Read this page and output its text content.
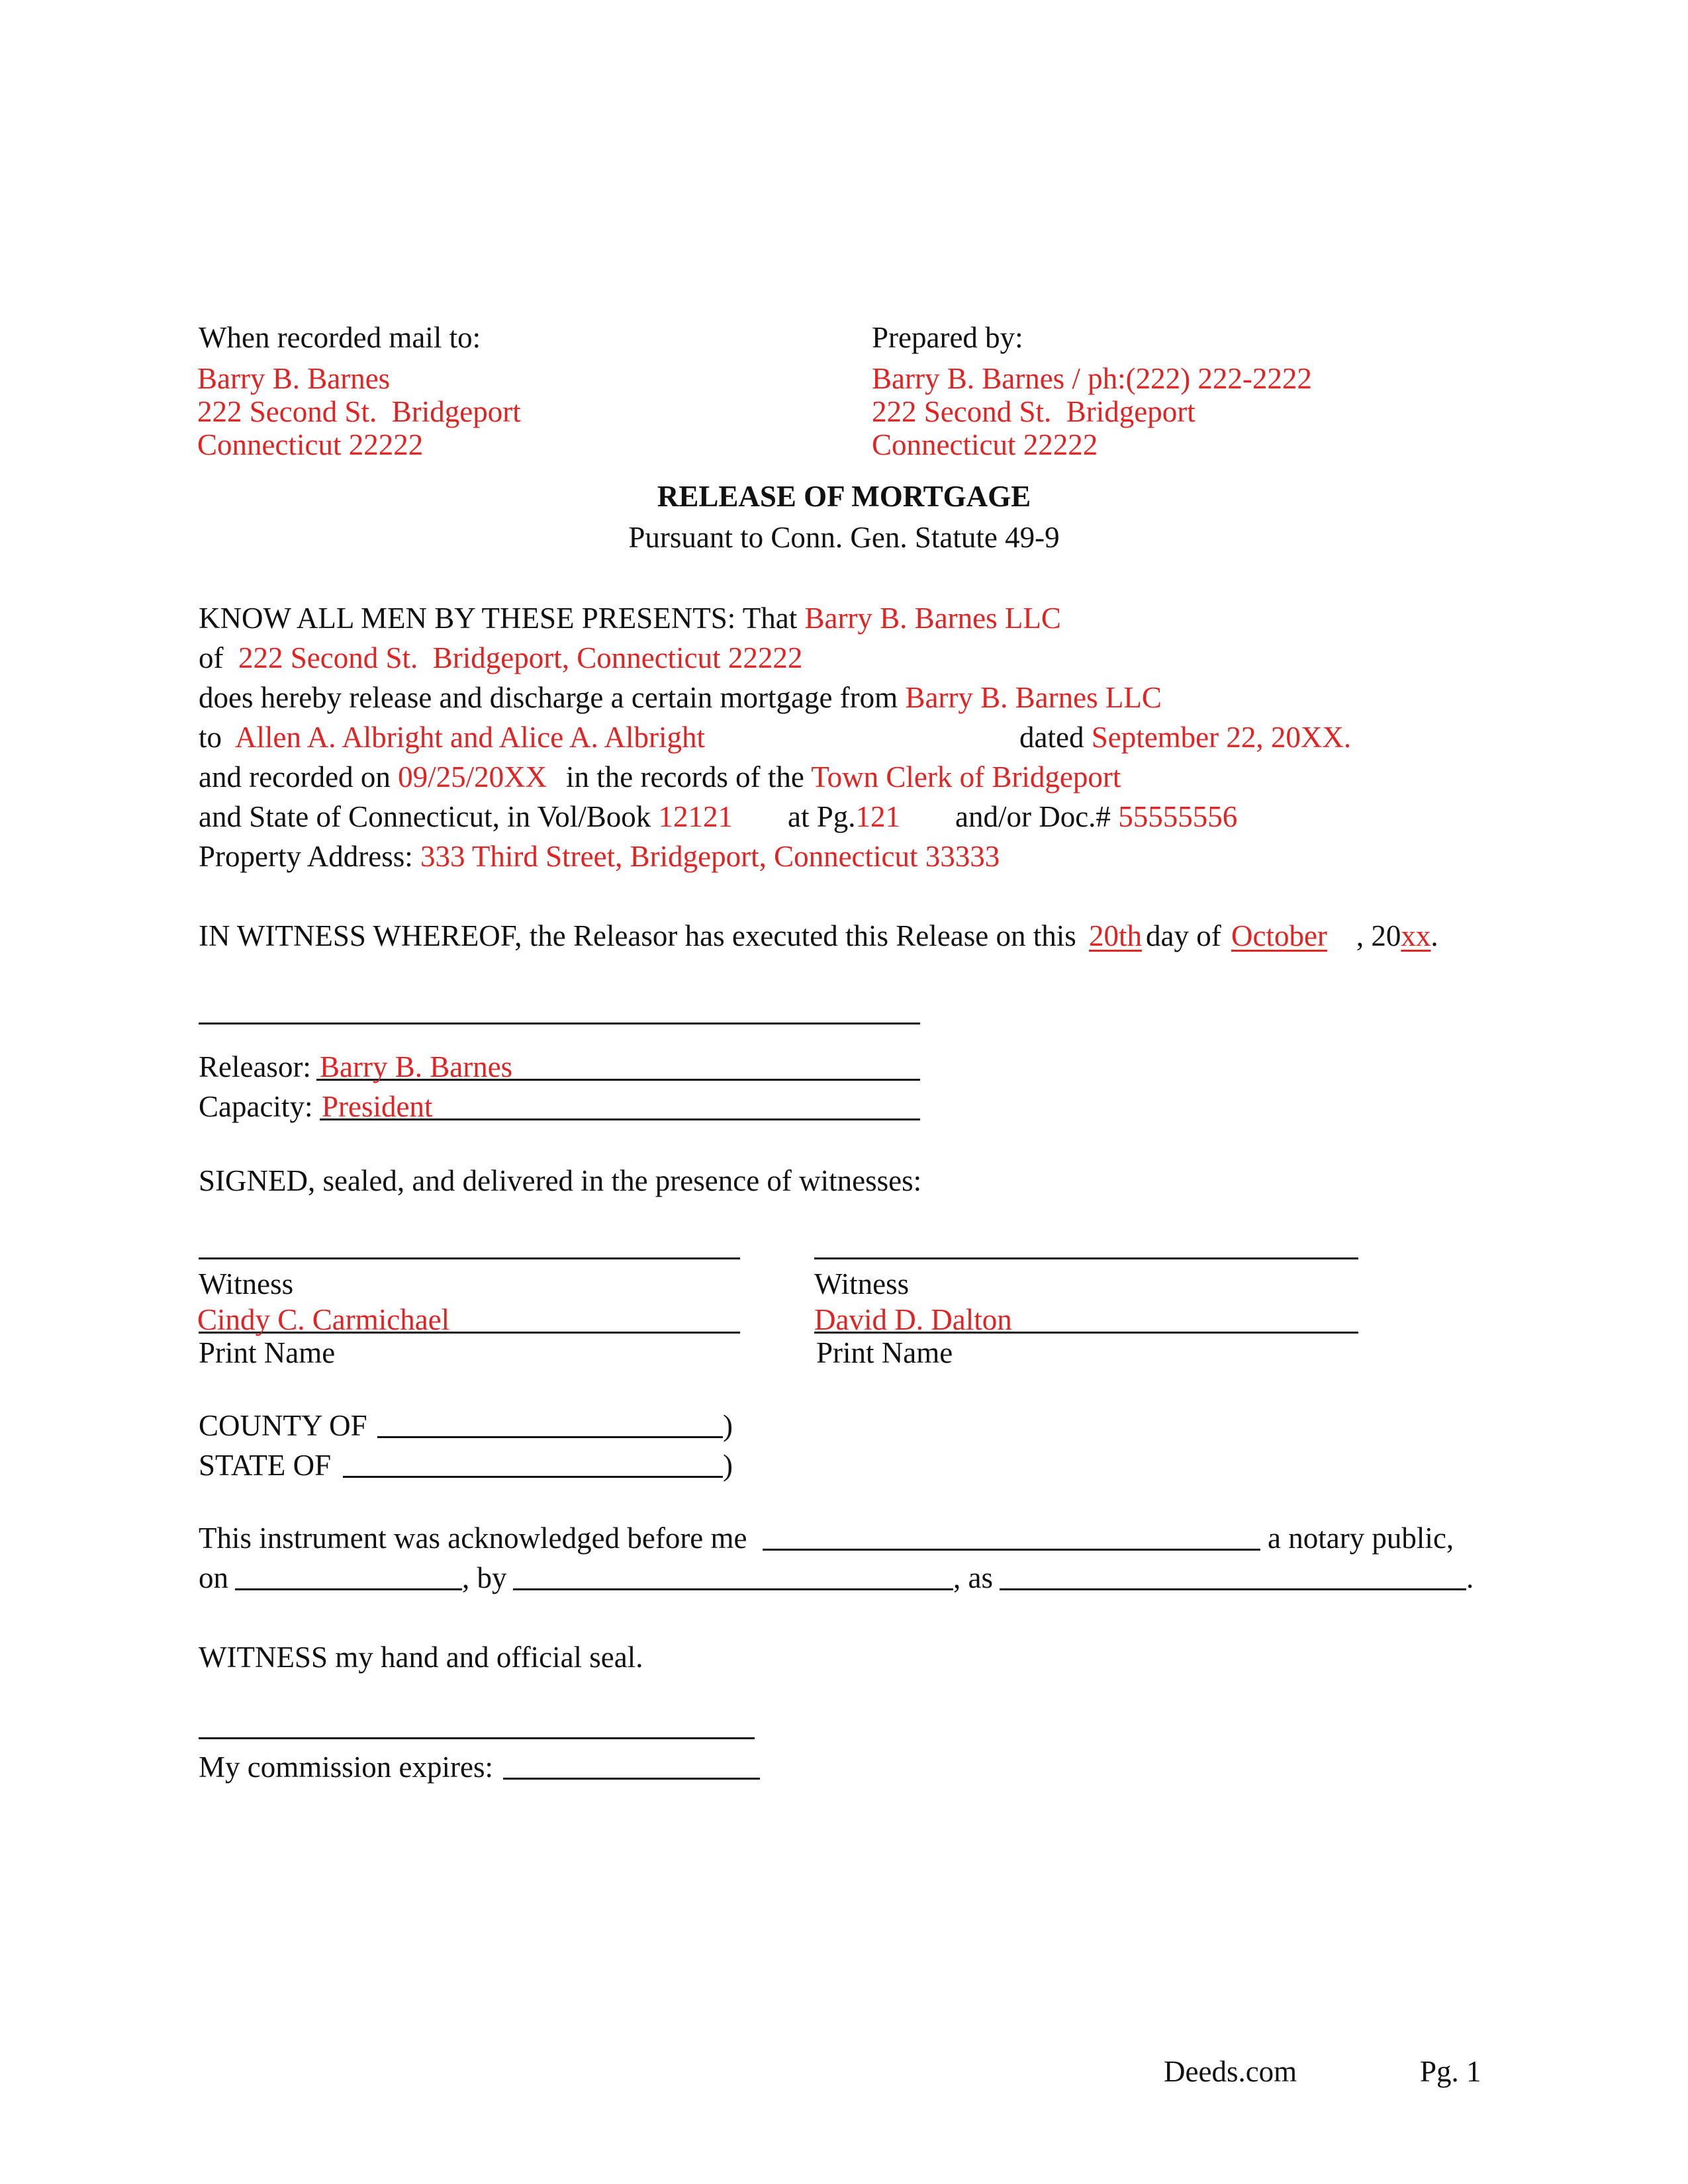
When recorded mail to:
Barry B. Barnes
222 Second St.  Bridgeport
Connecticut 22222
Prepared by:
Barry B. Barnes / ph:(222) 222-2222
222 Second St.  Bridgeport
Connecticut 22222
RELEASE OF MORTGAGE
Pursuant to Conn. Gen. Statute 49-9
KNOW ALL MEN BY THESE PRESENTS: That Barry B. Barnes LLC
of 222 Second St.  Bridgeport, Connecticut 22222
does hereby release and discharge a certain mortgage from Barry B. Barnes LLC
to Allen A. Albright and Alice A. Albright	dated September 22, 20XX.
and recorded on 09/25/20XX in the records of the Town Clerk of Bridgeport
and State of Connecticut, in Vol/Book 12121 at Pg.121 and/or Doc.# 55555556
Property Address: 333 Third Street, Bridgeport, Connecticut 33333
IN WITNESS WHEREOF, the Releasor has executed this Release on this 20th day of October , 20xx.
Releasor: Barry B. Barnes
Capacity: President
SIGNED, sealed, and delivered in the presence of witnesses:
Witness
Cindy C. Carmichael
Print Name
Witness
David D. Dalton
Print Name
COUNTY OF	)
STATE OF	)
This instrument was acknowledged before me	a notary public,
on	, by	, as	.
WITNESS my hand and official seal.
My commission expires:
Deeds.com	Pg. 1
